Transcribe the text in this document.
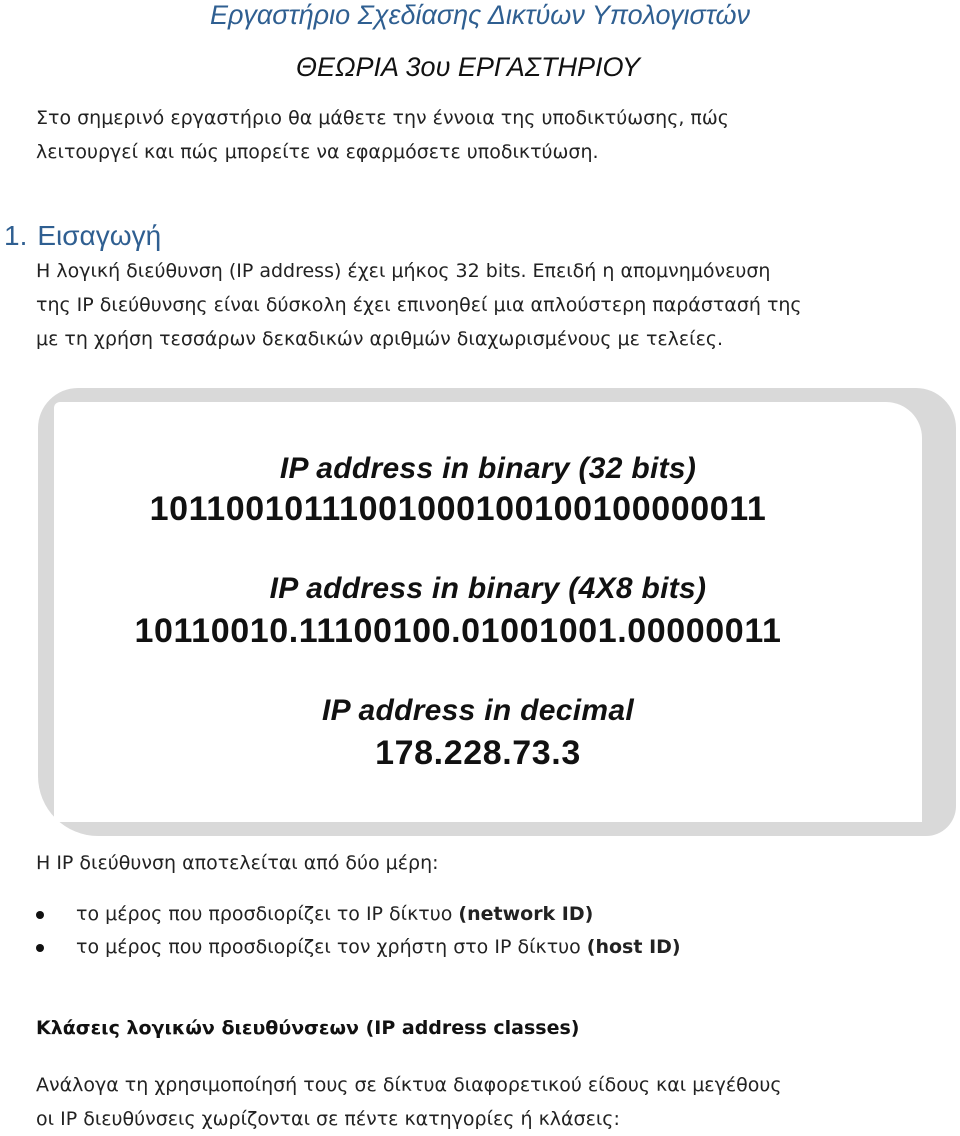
Εργαστήριο Σχεδίασης Δικτύων Υπολογιστών
ΘΕΩΡΙΑ 3ου ΕΡΓΑΣΤΗΡΙΟΥ
Στο σημερινό εργαστήριο θα μάθετε την έννοια της υποδικτύωσης, πώς
λειτουργεί και πώς μπορείτε να εφαρμόσετε υποδικτύωση.
1. Εισαγωγή
Η λογική διεύθυνση (IP address) έχει μήκος 32 bits. Επειδή η απομνημόνευση
της IP διεύθυνσης είναι δύσκολη έχει επινοηθεί μια απλούστερη παράστασή της
με τη χρήση τεσσάρων δεκαδικών αριθμών διαχωρισμένους με τελείες.
IP address in binary (32 bits)
10110010111001000100100100000011
IP address in binary (4X8 bits)
10110010.11100100.01001001.00000011
IP address in decimal
178.228.73.3
Η IP διεύθυνση αποτελείται από δύο μέρη:
το μέρος που προσδιορίζει το IP δίκτυο (network ID)
το μέρος που προσδιορίζει τον χρήστη στο IP δίκτυο (host ID)
Κλάσεις λογικών διευθύνσεων (IP address classes)
Ανάλογα τη χρησιμοποίησή τους σε δίκτυα διαφορετικού είδους και μεγέθους
οι IP διευθύνσεις χωρίζονται σε πέντε κατηγορίες ή κλάσεις:
